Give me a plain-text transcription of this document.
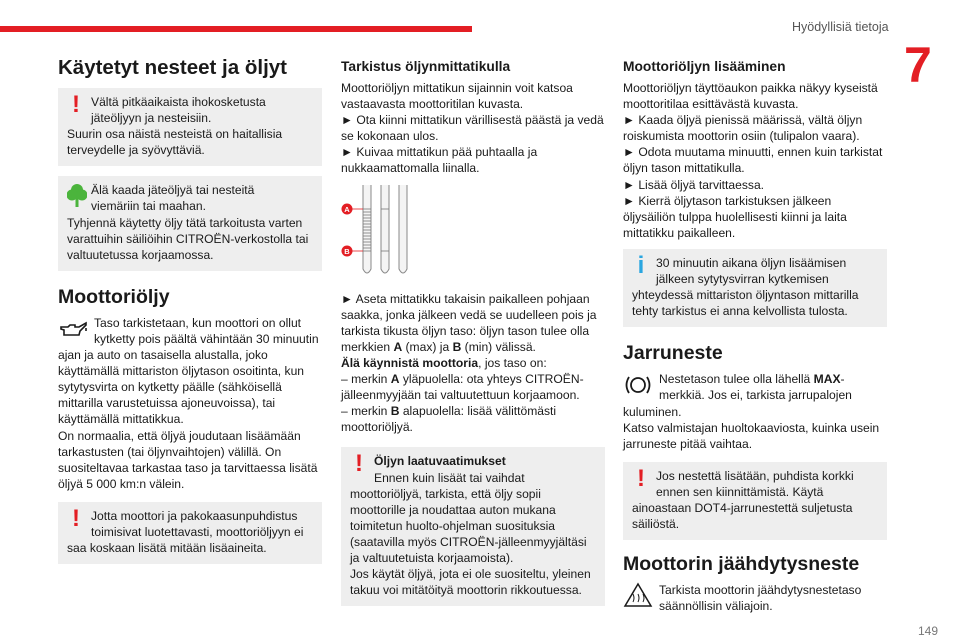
Hyödyllisiä tietoja
7
Käytetyt nesteet ja öljyt
! Vältä pitkäaikaista ihokosketusta

jäteöljyyn ja nesteisiin.

Suurin osa näistä nesteistä on haitallisia terveydelle ja syövyttäviä.

Älä kaada jäteöljyä tai nesteitä

viemäriin tai maahan.

Tyhjennä käytetty öljy tätä tarkoitusta varten varattuihin säiliöihin CITROËN-verkostolla tai valtuutetussa korjaamossa.

Moottoriöljy

Taso tarkistetaan, kun moottori on ollut

kytketty pois päältä vähintään 30 minuutin

ajan ja auto on tasaisella alustalla, joko käyttämällä mittariston öljytason osoitinta, kun sytytysvirta on kytketty päälle (sähköisellä mittarilla varustetuissa ajoneuvoissa), tai käyttämällä mittatikkua.

On normaalia, että öljyä joudutaan lisäämään tarkastusten (tai öljynvaihtojen) välillä. On suositeltavaa tarkastaa taso ja tarvittaessa lisätä öljyä 5 000 km:n välein.

! Jotta moottori ja pakokaasunpuhdistus

toimisivat luotettavasti, moottoriöljyyn ei

saa koskaan lisätä mitään lisäaineita.

Tarkistus öljynmittatikulla

Moottoriöljyn mittatikun sijainnin voit katsoa vastaavasta moottoritilan kuvasta.

► Ota kiinni mittatikun värillisestä päästä ja vedä se kokonaan ulos.

► Kuivaa mittatikun pää puhtaalla ja nukkaamattomalla liinalla.

A
B

► Aseta mittatikku takaisin paikalleen pohjaan saakka, jonka jälkeen vedä se uudelleen pois ja tarkista tikusta öljyn taso: öljyn tason tulee olla merkkien A (max) ja B (min) välissä.

Älä käynnistä moottoria, jos taso on:

– merkin A yläpuolella: ota yhteys CITROËN-jälleenmyyjään tai valtuutettuun korjaamoon.

– merkin B alapuolella: lisää välittömästi moottoriöljyä.

! Öljyn laatuvaatimukset

Ennen kuin lisäät tai vaihdat

moottoriöljyä, tarkista, että öljy sopii moottorille ja noudattaa auton mukana toimitetun huolto-ohjelman suosituksia (saatavilla myös CITROËN-jälleenmyyjältäsi ja valtuutetuista korjaamoista).

Jos käytät öljyä, jota ei ole suositeltu, yleinen takuu voi mitätöityä moottorin rikkoutuessa.

Moottoriöljyn lisääminen

Moottoriöljyn täyttöaukon paikka näkyy kyseistä moottoritilaa esittävästä kuvasta.

► Kaada öljyä pienissä määrissä, vältä öljyn roiskumista moottorin osiin (tulipalon vaara).

► Odota muutama minuutti, ennen kuin tarkistat öljyn tason mittatikulla.

► Lisää öljyä tarvittaessa.

► Kierrä öljytason tarkistuksen jälkeen öljysäiliön tulppa huolellisesti kiinni ja laita mittatikku paikalleen.

i 30 minuutin aikana öljyn lisäämisen

jälkeen sytytysvirran kytkemisen

yhteydessä mittariston öljyntason mittarilla tehty tarkistus ei anna kelvollista tulosta.

Jarruneste

Nestetason tulee olla lähellä MAX-

merkkiä. Jos ei, tarkista jarrupalojen

kuluminen.

Katso valmistajan huoltokaaviosta, kuinka usein jarruneste pitää vaihtaa.

! Jos nestettä lisätään, puhdista korkki

ennen sen kiinnittämistä. Käytä

ainoastaan DOT4-jarrunestettä suljetusta säiliöstä.

Moottorin jäähdytysneste

Tarkista moottorin jäähdytysnestetaso

säännöllisin väliajoin.

149
